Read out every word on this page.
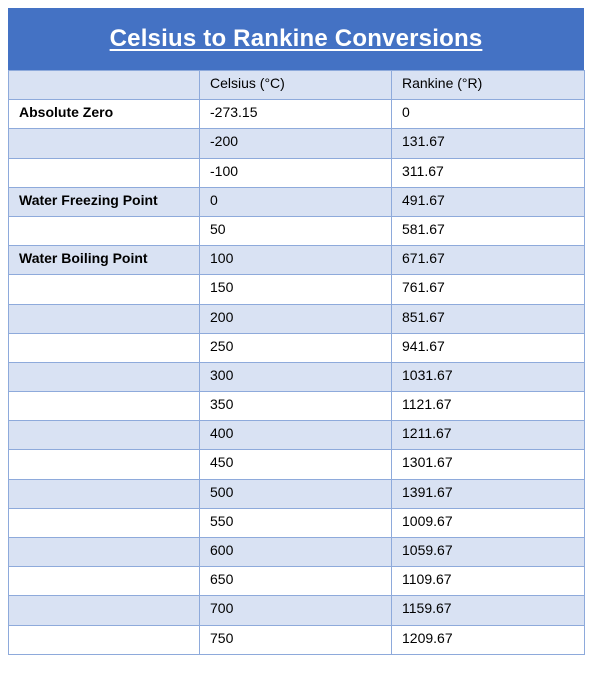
Celsius to Rankine Conversions
	Celsius (°C)	Rankine (°R)
Absolute Zero	-273.15	0
	-200	131.67
	-100	311.67
Water Freezing Point	0	491.67
	50	581.67
Water Boiling Point	100	671.67
	150	761.67
	200	851.67
	250	941.67
	300	1031.67
	350	1121.67
	400	1211.67
	450	1301.67
	500	1391.67
	550	1009.67
	600	1059.67
	650	1109.67
	700	1159.67
	750	1209.67
